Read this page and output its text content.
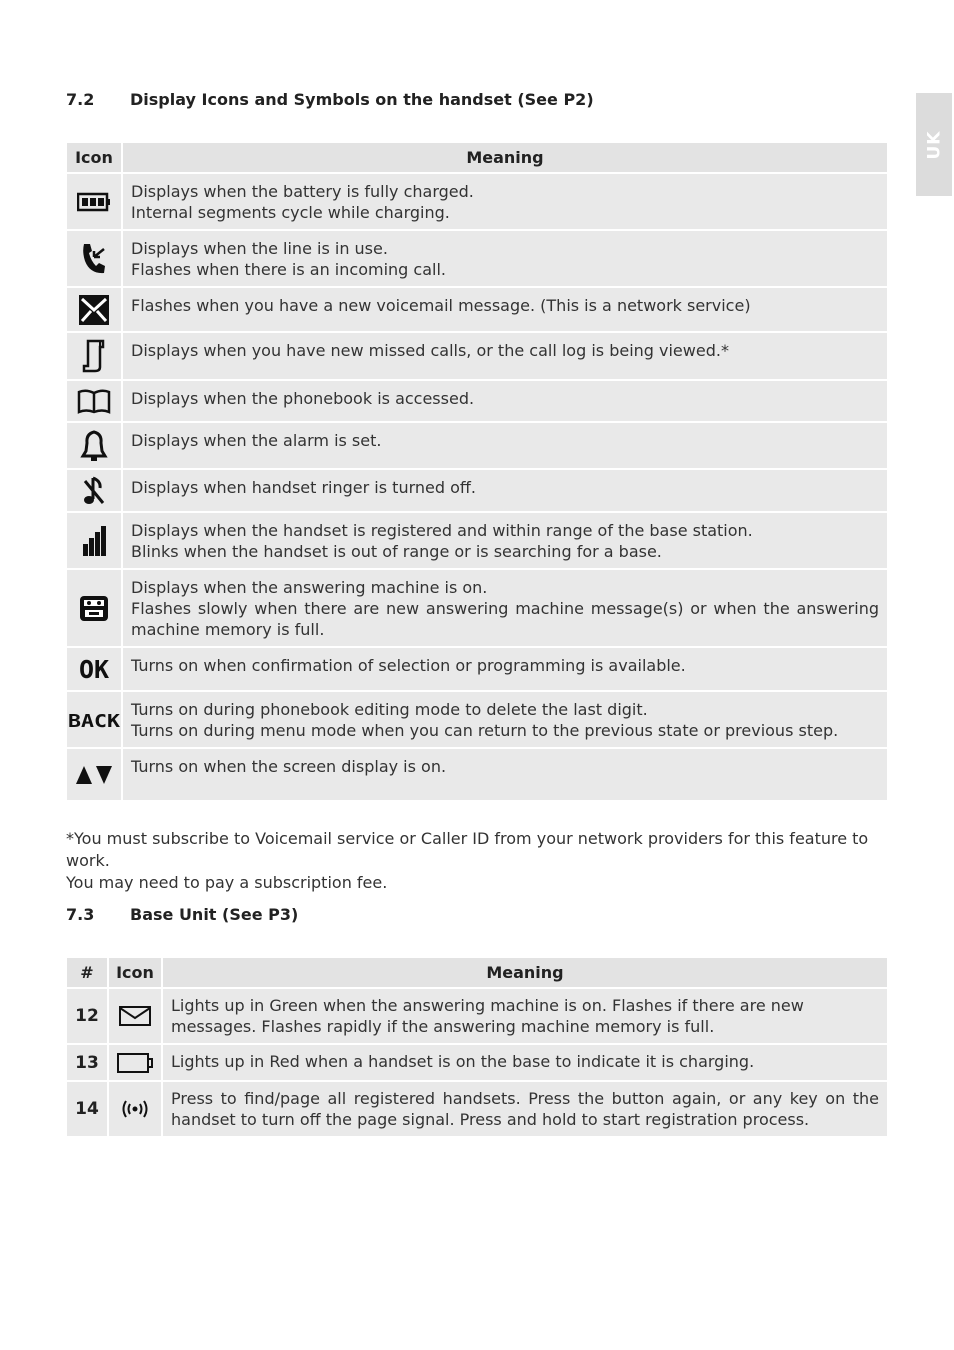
UK
7.2 Display Icons and Symbols on the handset (See P2)
Icon	Meaning

Displays when the battery is fully charged.
Internal segments cycle while charging.

Displays when the line is in use.
Flashes when there is an incoming call.

Flashes when you have a new voicemail message. (This is a network service)

Displays when you have new missed calls, or the call log is being viewed.*

Displays when the phonebook is accessed.

Displays when the alarm is set.

Displays when handset ringer is turned off.

Displays when the handset is registered and within range of the base station.
Blinks when the handset is out of range or is searching for a base.

Displays when the answering machine is on.
Flashes slowly when there are new answering machine message(s) or when the answering machine memory is full.

OK	Turns on when confirmation of selection or programming is available.

BACK	Turns on during phonebook editing mode to delete the last digit.
Turns on during menu mode when you can return to the previous state or previous step.

Turns on when the screen display is on.
*You must subscribe to Voicemail service or Caller ID from your network providers for this feature to work.
You may need to pay a subscription fee.
7.3 Base Unit (See P3)
#	Icon	Meaning
12		Lights up in Green when the answering machine is on. Flashes if there are new messages. Flashes rapidly if the answering machine memory is full.
13		Lights up in Red when a handset is on the base to indicate it is charging.
14		Press to find/page all registered handsets. Press the button again, or any key on the handset to turn off the page signal. Press and hold to start registration process.
